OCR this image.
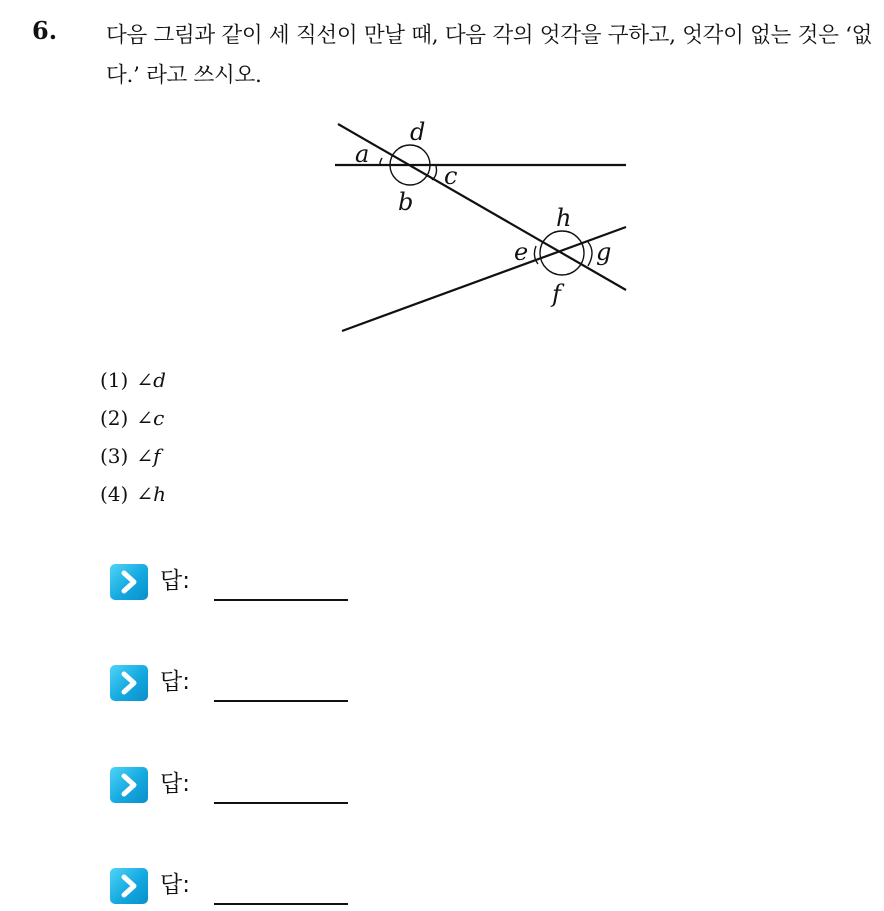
6. 다음 그림과 같이 세 직선이 만날 때, 다음 각의 엇각을 구하고, 엇각이 없는 것은 ‘없다.’ 라고 쓰시오.
a
d
c
b
h
e	g
f
(1) ∠d
(2) ∠c
(3) ∠f
(4) ∠h
답:
답:
답:
답:
